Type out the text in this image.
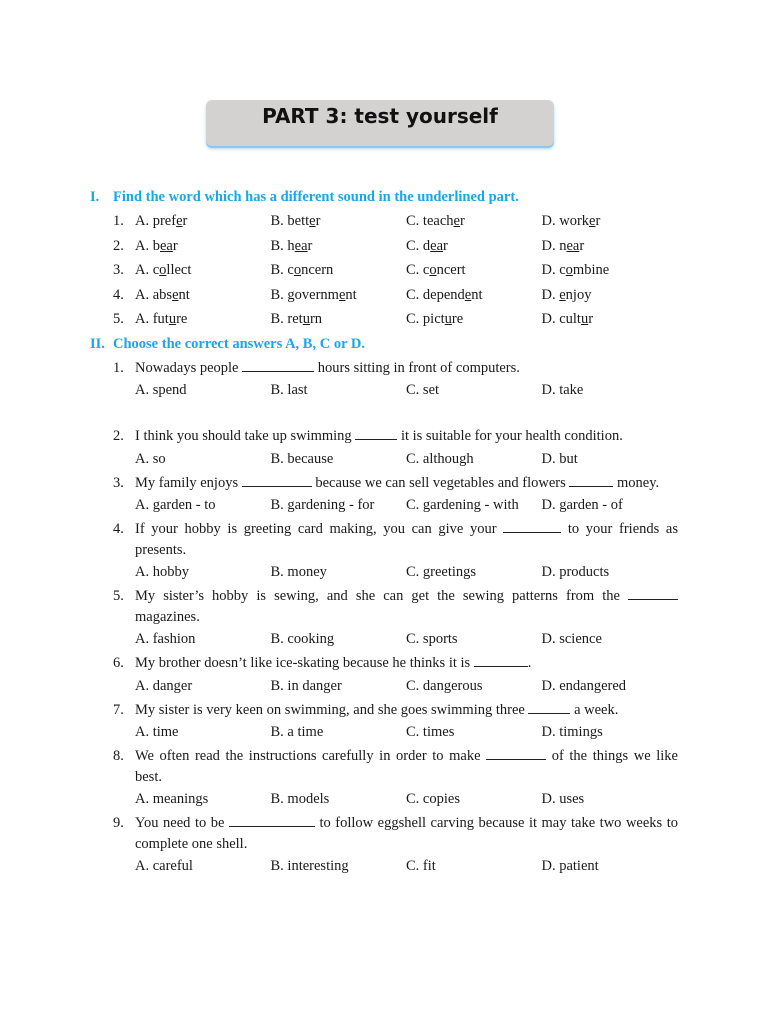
PART 3: test yourself
I. Find the word which has a different sound in the underlined part.
1. A. prefer	B. better	C. teacher	D. worker
2. A. bear	B. hear	C. dear	D. near
3. A. collect	B. concern	C. concert	D. combine
4. A. absent	B. government	C. dependent	D. enjoy
5. A. future	B. return	C. picture	D. cultur
II. Choose the correct answers A, B, C or D.
1. Nowadays people	hours sitting in front of computers.
A. spend	B. last	C. set	D. take
2. I think you should take up swimming	it is suitable for your health condition.
A. so	B. because	C. although	D. but
3. My family enjoys	because we can sell vegetables and flowers	money.
A. garden - to	B. gardening - for	C. gardening - with	D. garden - of
4. If your hobby is greeting card making, you can give your	to your friends as presents.
A. hobby	B. money	C. greetings	D. products
5. My sister’s hobby is sewing, and she can get the sewing patterns from the  magazines.
A. fashion	B. cooking	C. sports	D. science
6. My brother doesn’t like ice-skating because he thinks it is	.
A. danger	B. in danger	C. dangerous	D. endangered
7. My sister is very keen on swimming, and she goes swimming three	a week.
A. time	B. a time	C. times	D. timings
8. We often read the instructions carefully in order to make	of the things we like best.
A. meanings	B. models	C. copies	D. uses
9. You need to be	to follow eggshell carving because it may take two weeks to complete one shell.
A. careful	B. interesting	C. fit	D. patient
